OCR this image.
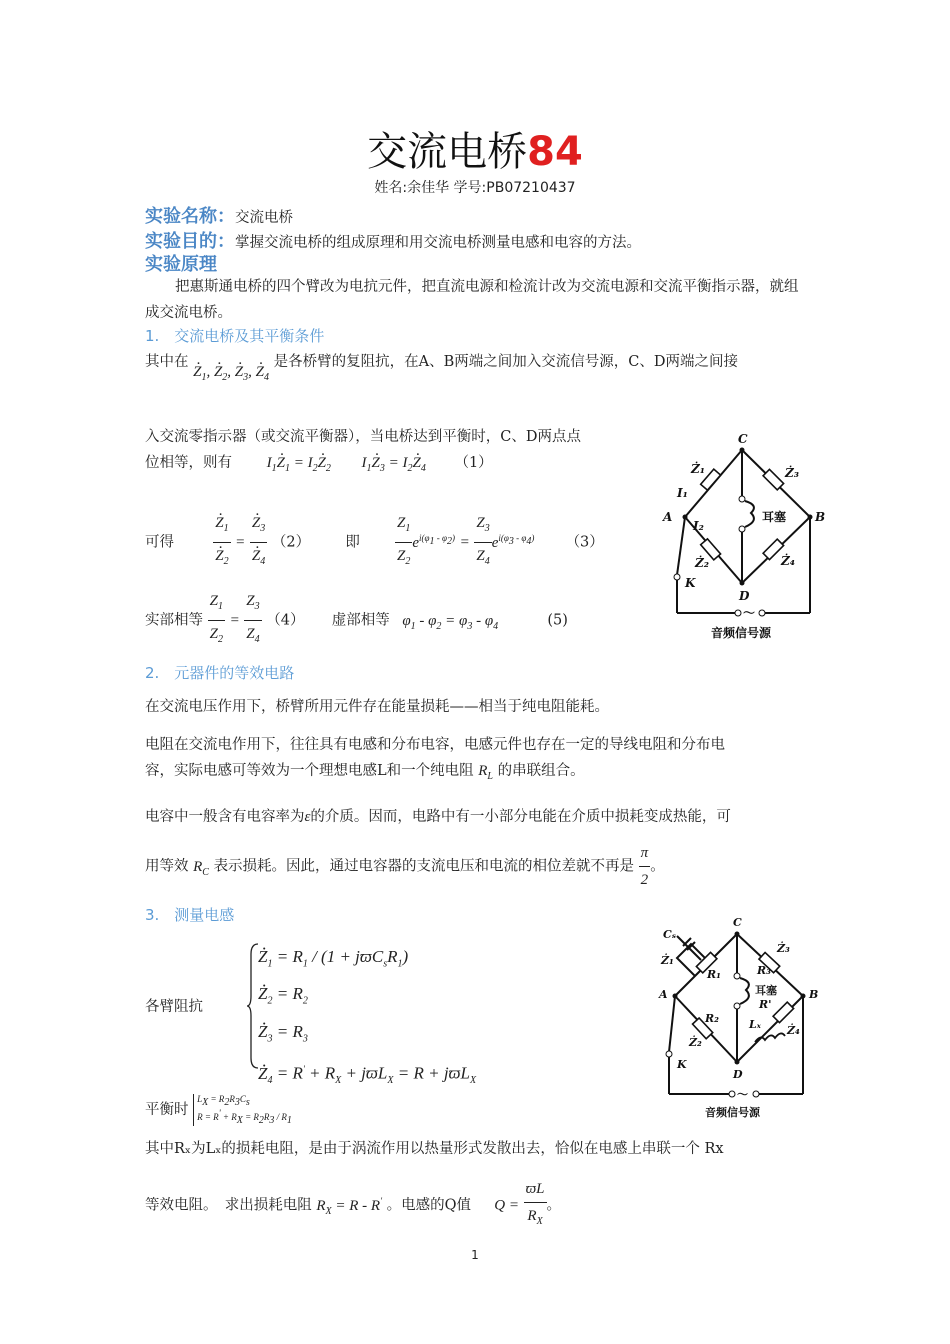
交流电桥84
姓名:余佳华 学号:PB07210437
实验名称：交流电桥
实验目的：掌握交流电桥的组成原理和用交流电桥测量电感和电容的方法。
实验原理
把惠斯通电桥的四个臂改为电抗元件，把直流电源和检流计改为交流电源和交流平衡指示器，就组成交流电桥。
1.　交流电桥及其平衡条件
其中在 · $Z_1$, · $Z_2$, · $Z_3$, · $Z_4$ 是各桥臂的复阻抗，在A、B两端之间加入交流信号源，C、D两端之间接
入交流零指示器（或交流平衡器），当电桥达到平衡时，C、D两点点
位相等，则有 $I_1\cdot Z_1 = I_2\cdot Z_2$ $I_1\cdot Z_3 = I_2\cdot Z_4$ （1）
可得	· $Z_1$
· $Z_2$ = · $Z_3$
· $Z_4$ （2） 即 $\frac{Z_1}{Z_2} e^{i(\varphi_1 - \varphi_2)} = \frac{Z_3}{Z_4} e^{i(\varphi_3 - \varphi_4)}$ （3）
实部相等 $\frac{Z_1}{Z_2} = \frac{Z_3}{Z_4} (4)$ 虚部相等 $\varphi_1 - \varphi_2 = \varphi_3 - \varphi_4$	(5)
C
A	B
D
K
I₁
I₂
Ż₁	Ż₃
Ż₂	Ż₄
耳塞
～
音频信号源
2.　元器件的等效电路
在交流电压作用下，桥臂所用元件存在能量损耗——相当于纯电阻能耗。
电阻在交流电作用下，往往具有电感和分布电容，电感元件也存在一定的导线电阻和分布电
容，实际电感可等效为一个理想电感L和一个纯电阻 $R_L$ 的串联组合。
电容中一般含有电容率为ε的介质。因而，电路中有一小部分电能在介质中损耗变成热能，可
用等效 $R_C$ 表示损耗。因此，通过电容器的支流电压和电流的相位差就不再是 $\frac{\pi}{2}$ 。
3.　测量电感
各臂阻抗
· $Z_1 = R_1 / (1 + jϖC_sR_1)$
· $Z_2 = R_2$
· $Z_3 = R_3$
· $Z_4 = R' + R_X + jϖL_X = R + jϖL_X$
平衡时
$L_X = R_2R_3C_s$
$R = R' + R_X = R_2R_3 / R_1$
C
A	B
D
K
Cₛ
Ż₁
R₁	R₃
Ż₃
R₂
Ż₂
R'
Lₓ Ż₄
耳塞
～
音频信号源
其中Rₓ为Lₓ的损耗电阻，是由于涡流作用以热量形式发散出去，恰似在电感上串联一个 Rx
等效电阻。　求出损耗电阻 $R_X = R - R'$ 。电感的Q值 $Q = \frac{ϖL}{R_X}$ 。
1
